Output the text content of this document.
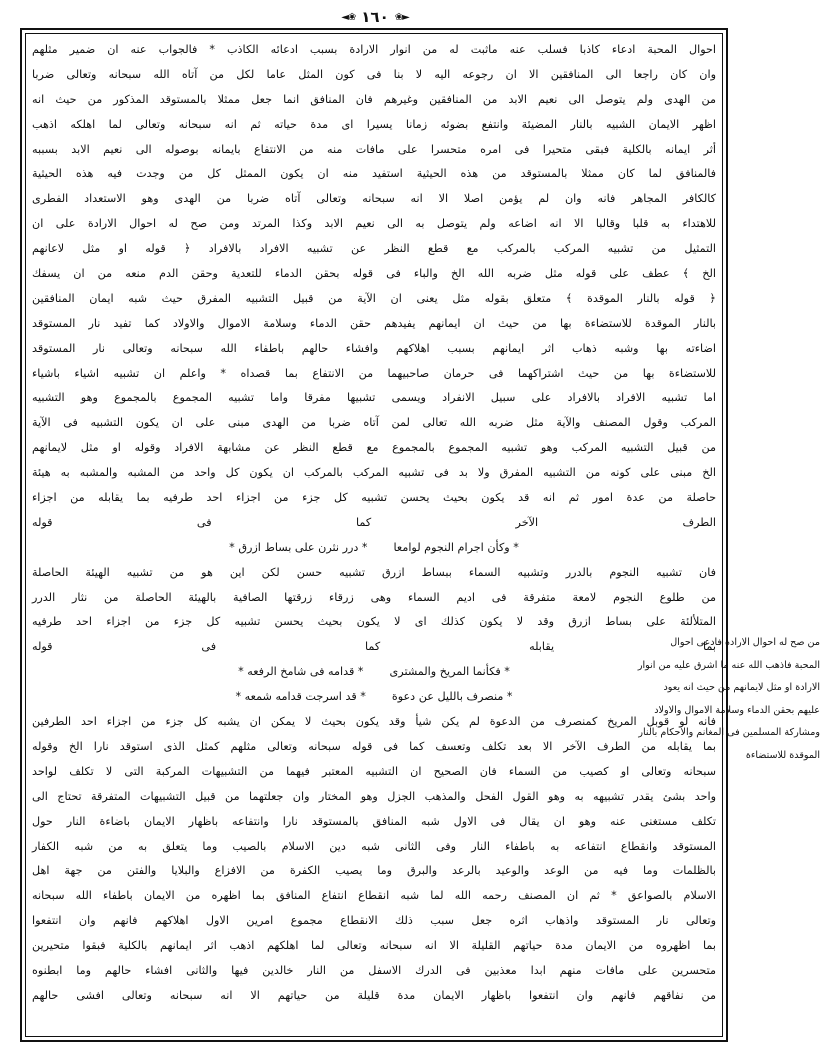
◄❀ ١٦٠ ❀►
احوال المحبة ادعاء كاذبا فسلب عنه ماثبت له من انوار الارادة بسبب ادعائه الكاذب * فالجواب عنه ان ضمير مثلهم
وان كان راجعا الى المنافقين الا ان رجوعه اليه لا بنا فى كون المثل عاما لكل من آتاه الله سبحانه وتعالى ضربا
من الهدى ولم يتوصل الى نعيم الابد من المنافقين وغيرهم فان المنافق انما جعل ممثلا بالمستوقد المذكور من حيث انه
اظهر الايمان الشبيه بالنار المضيئة وانتفع بضوئه زمانا يسيرا اى مدة حياته ثم انه سبحانه وتعالى لما اهلكه اذهب
أثر ايمانه بالكلية فبقى متحيرا فى امره متحسرا على مافات منه من الانتفاع بايمانه بوصوله الى نعيم الابد بسببه
فالمنافق لما كان ممثلا بالمستوقد من هذه الحيثية استفيد منه ان يكون الممثل كل من وجدت فيه هذه الحيثية
كالكافر المجاهر فانه وان لم يؤمن اصلا الا انه سبحانه وتعالى آتاه ضربا من الهدى وهو الاستعداد الفطرى
للاهتداء به قلبا وقالبا الا انه اضاعه ولم يتوصل به الى نعيم الابد وكذا المرتد ومن صح له احوال الارادة على ان
التمثيل من تشبيه المركب بالمركب مع قطع النظر عن تشبيه الافراد بالافراد ﴿ قوله او مثل لاعانهم
الخ ﴾ عطف على قوله مثل ضربه الله الخ والباء فى قوله بحقن الدماء للتعدية وحقن الدم منعه من ان يسفك
﴿ قوله بالنار الموقدة ﴾ متعلق بقوله مثل يعنى ان الآية من قبيل التشبيه المفرق حيث شبه ايمان المنافقين
بالنار الموقدة للاستضاءة بها من حيث ان ايمانهم يفيدهم حقن الدماء وسلامة الاموال والاولاد كما تفيد نار المستوقد
اضاءته بها وشبه ذهاب اثر ايمانهم بسبب اهلاكهم وافشاء حالهم باطفاء الله سبحانه وتعالى نار المستوقد
للاستضاءة بها من حيث اشتراكهما فى حرمان صاحبيهما من الانتفاع بما قصداه * واعلم ان تشبيه اشياء باشياء
اما تشبيه الافراد بالافراد على سبيل الانفراد ويسمى تشبيها مفرقا واما تشبيه المجموع بالمجموع وهو التشبيه
المركب وقول المصنف والآية مثل ضربه الله تعالى لمن آتاه ضربا من الهدى مبنى على ان يكون التشبيه فى الآية
من قبيل التشبيه المركب وهو تشبيه المجموع بالمجموع مع قطع النظر عن مشابهة الافراد وقوله او مثل لايمانهم
الخ مبنى على كونه من التشبيه المفرق ولا بد فى تشبيه المركب بالمركب ان يكون كل واحد من المشبه والمشبه به هيئة
حاصلة من عدة امور ثم انه قد يكون بحيث يحسن تشبيه كل جزء من اجزاء احد طرفيه بما يقابله من اجزاء
الطرف الآخر كما فى قوله
* وكأن اجرام النجوم لوامعا
* درر نثرن على بساط ازرق *
فان تشبيه النجوم بالدرر وتشبيه السماء ببساط ازرق تشبيه حسن لكن اين هو من تشبيه الهيئة الحاصلة
من طلوع النجوم لامعة متفرقة فى اديم السماء وهى زرقاء زرقتها الصافية بالهيئة الحاصلة من نثار الدرر
المتلألئة على بساط ازرق وقد لا يكون كذلك اى لا يكون بحيث يحسن تشبيه كل جزء من اجزاء احد طرفيه
بما يقابله كما فى قوله
* فكأنما المريخ والمشترى
* قدامه فى شامخ الرفعه *
* منصرف بالليل عن دعوة
* قد اسرجت قدامه شمعه *
فانه لو قوبل المريخ كمنصرف من الدعوة لم يكن شيأ وقد يكون بحيث لا يمكن ان يشبه كل جزء من اجزاء احد الطرفين
بما يقابله من الطرف الآخر الا بعد تكلف وتعسف كما فى قوله سبحانه وتعالى مثلهم كمثل الذى استوقد نارا الخ وقوله
سبحانه وتعالى او كصيب من السماء فان الصحيح ان التشبيه المعتبر فيهما من التشبيهات المركبة التى لا تكلف لواحد
واحد بشئ يقدر تشبيهه به وهو القول الفحل والمذهب الجزل وهو المختار وان جعلتهما من قبيل التشبيهات المتفرقة تحتاج الى
تكلف مستغنى عنه وهو ان يقال فى الاول شبه المنافق بالمستوقد نارا وانتفاعه باظهار الايمان باضاءة النار حول
المستوقد وانقطاع انتفاعه به باطفاء النار وفى الثانى شبه دين الاسلام بالصيب وما يتعلق به من شبه الكفار
بالظلمات وما فيه من الوعد والوعيد بالرعد والبرق وما يصيب الكفرة من الافزاع والبلايا والفتن من جهة اهل
الاسلام بالصواعق * ثم ان المصنف رحمه الله لما شبه انقطاع انتفاع المنافق بما اظهره من الايمان باطفاء الله سبحانه
وتعالى نار المستوقد واذهاب اثره جعل سبب ذلك الانقطاع مجموع امرين الاول اهلاكهم فانهم وان انتفعوا
بما اظهروه من الايمان مدة حياتهم القليلة الا انه سبحانه وتعالى لما اهلكهم اذهب اثر ايمانهم بالكلية فبقوا متحيرين
متحسرين على مافات منهم ابدا معذبين فى الدرك الاسفل من النار خالدين فيها والثانى افشاء حالهم وما ابطنوه
من نفاقهم فانهم وان انتفعوا باظهار الايمان مدة قليلة من حياتهم الا انه سبحانه وتعالى افشى حالهم
من صح له احوال الارادة فادعى احوال
المحبة فاذهب الله عنه ما اشرق عليه من انوار
الارادة او مثل لايمانهم من حيث انه يعود
عليهم بحقن الدماء وسلامة الاموال والاولاد
ومشاركة المسلمين فى المغانم والاحكام بالنار
الموقدة للاستضاءة
